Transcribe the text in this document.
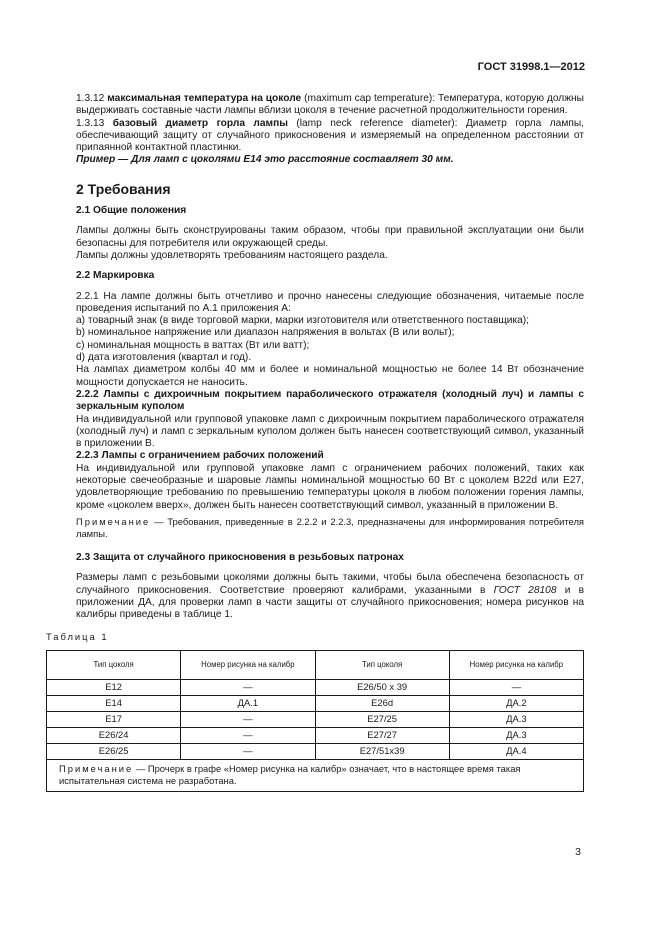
ГОСТ 31998.1—2012

1.3.12 максимальная температура на цоколе (maximum cap temperature): Температура, которую должны выдерживать составные части лампы вблизи цоколя в течение расчетной продолжительности горения.

1.3.13 базовый диаметр горла лампы (lamp neck reference diameter): Диаметр горла лампы, обеспечивающий защиту от случайного прикосновения и измеряемый на определенном расстоянии от припаянной контактной пластинки.

Пример — Для ламп с цоколями Е14 это расстояние составляет 30 мм.

2 Требования
2.1 Общие положения

Лампы должны быть сконструированы таким образом, чтобы при правильной эксплуатации они были безопасны для потребителя или окружающей среды.

Лампы должны удовлетворять требованиям настоящего раздела.

2.2 Маркировка

2.2.1 На лампе должны быть отчетливо и прочно нанесены следующие обозначения, читаемые после проведения испытаний по А.1 приложения А:

а) товарный знак (в виде торговой марки, марки изготовителя или ответственного поставщика);

b) номинальное напряжение или диапазон напряжения в вольтах (В или вольт);

с) номинальная мощность в ваттах (Вт или ватт);

d) дата изготовления (квартал и год).

На лампах диаметром колбы 40 мм и более и номинальной мощностью не более 14 Вт обозначение мощности допускается не наносить.

2.2.2 Лампы с дихроичным покрытием параболического отражателя (холодный луч) и лампы с зеркальным куполом

На индивидуальной или групповой упаковке ламп с дихроичным покрытием параболического отражателя (холодный луч) и ламп с зеркальным куполом должен быть нанесен соответствующий символ, указанный в приложении В.

2.2.3 Лампы с ограничением рабочих положений

На индивидуальной или групповой упаковке ламп с ограничением рабочих положений, таких как некоторые свечеобразные и шаровые лампы номинальной мощностью 60 Вт с цоколем В22d или Е27, удовлетворяющие требованию по превышению температуры цоколя в любом положении горения лампы, кроме «цоколем вверх», должен быть нанесен соответствующий символ, указанный в приложении В.

Примечание — Требования, приведенные в 2.2.2 и 2.2.3, предназначены для информирования потребителя лампы.

2.3 Защита от случайного прикосновения в резьбовых патронах

Размеры ламп с резьбовыми цоколями должны быть такими, чтобы была обеспечена безопасность от случайного прикосновения. Соответствие проверяют калибрами, указанными в ГОСТ 28108 и в приложении ДА, для проверки ламп в части защиты от случайного прикосновения; номера рисунков на калибры приведены в таблице 1.

Таблица 1
Тип цоколя	Номер рисунка на калибр	Тип цоколя	Номер рисунка на калибр
Е12	—	Е26/50 x 39	—
Е14	ДА.1	Е26d	ДА.2
Е17	—	Е27/25	ДА.3
Е26/24	—	Е27/27	ДА.3
Е26/25	—	Е27/51x39	ДА.4
Примечание — Прочерк в графе «Номер рисунка на калибр» означает, что в настоящее время такая испытательная система не разработана.			
3
